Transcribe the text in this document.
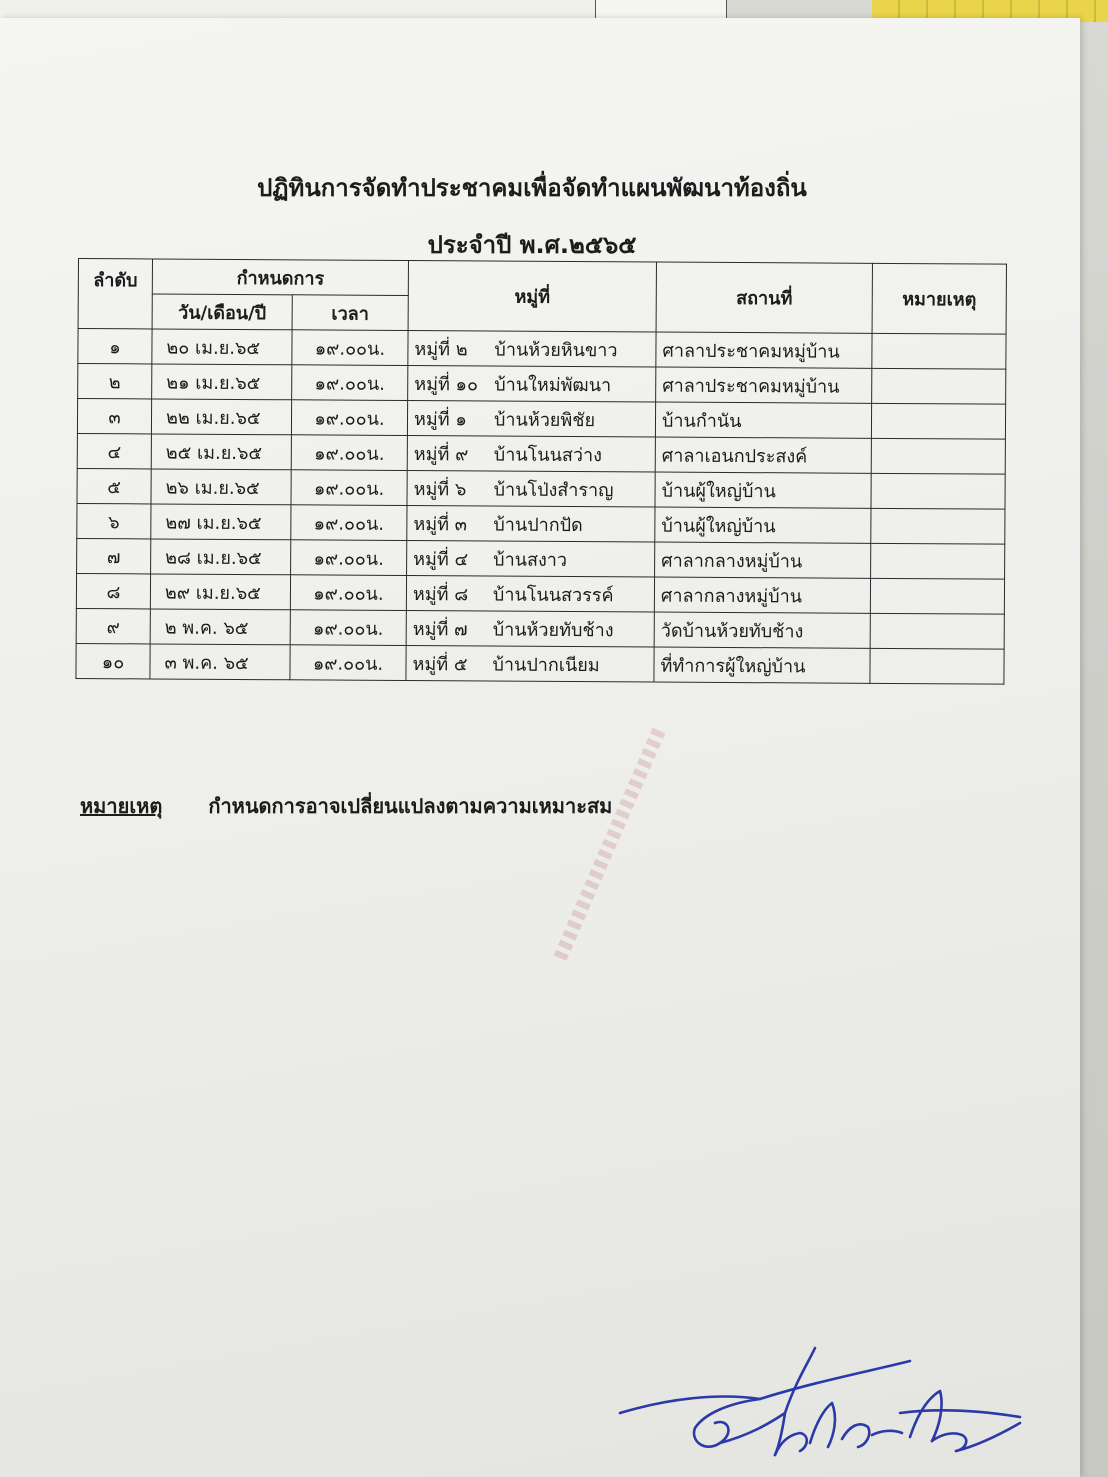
ปฏิทินการจัดทำประชาคมเพื่อจัดทำแผนพัฒนาท้องถิ่น
ประจำปี พ.ศ.๒๕๖๕
ลำดับ	กำหนดการ		หมู่ที่	สถานที่	หมายเหตุ
	วัน/เดือน/ปี	เวลา			
๑	๒๐ เม.ย.๖๕	๑๙.๐๐น.	หมู่ที่ ๒ บ้านห้วยหินขาว	ศาลาประชาคมหมู่บ้าน	
๒	๒๑ เม.ย.๖๕	๑๙.๐๐น.	หมู่ที่ ๑๐ บ้านใหม่พัฒนา	ศาลาประชาคมหมู่บ้าน	
๓	๒๒ เม.ย.๖๕	๑๙.๐๐น.	หมู่ที่ ๑ บ้านห้วยพิชัย	บ้านกำนัน	
๔	๒๕ เม.ย.๖๕	๑๙.๐๐น.	หมู่ที่ ๙ บ้านโนนสว่าง	ศาลาเอนกประสงค์	
๕	๒๖ เม.ย.๖๕	๑๙.๐๐น.	หมู่ที่ ๖ บ้านโป่งสำราญ	บ้านผู้ใหญ่บ้าน	
๖	๒๗ เม.ย.๖๕	๑๙.๐๐น.	หมู่ที่ ๓ บ้านปากปัด	บ้านผู้ใหญ่บ้าน	
๗	๒๘ เม.ย.๖๕	๑๙.๐๐น.	หมู่ที่ ๔ บ้านสงาว	ศาลากลางหมู่บ้าน	
๘	๒๙ เม.ย.๖๕	๑๙.๐๐น.	หมู่ที่ ๘ บ้านโนนสวรรค์	ศาลากลางหมู่บ้าน	
๙	๒ พ.ค. ๖๕	๑๙.๐๐น.	หมู่ที่ ๗ บ้านห้วยทับช้าง	วัดบ้านห้วยทับช้าง	
๑๐	๓ พ.ค. ๖๕	๑๙.๐๐น.	หมู่ที่ ๕ บ้านปากเนียม	ที่ทำการผู้ใหญ่บ้าน	
หมายเหตุ กำหนดการอาจเปลี่ยนแปลงตามความเหมาะสม
